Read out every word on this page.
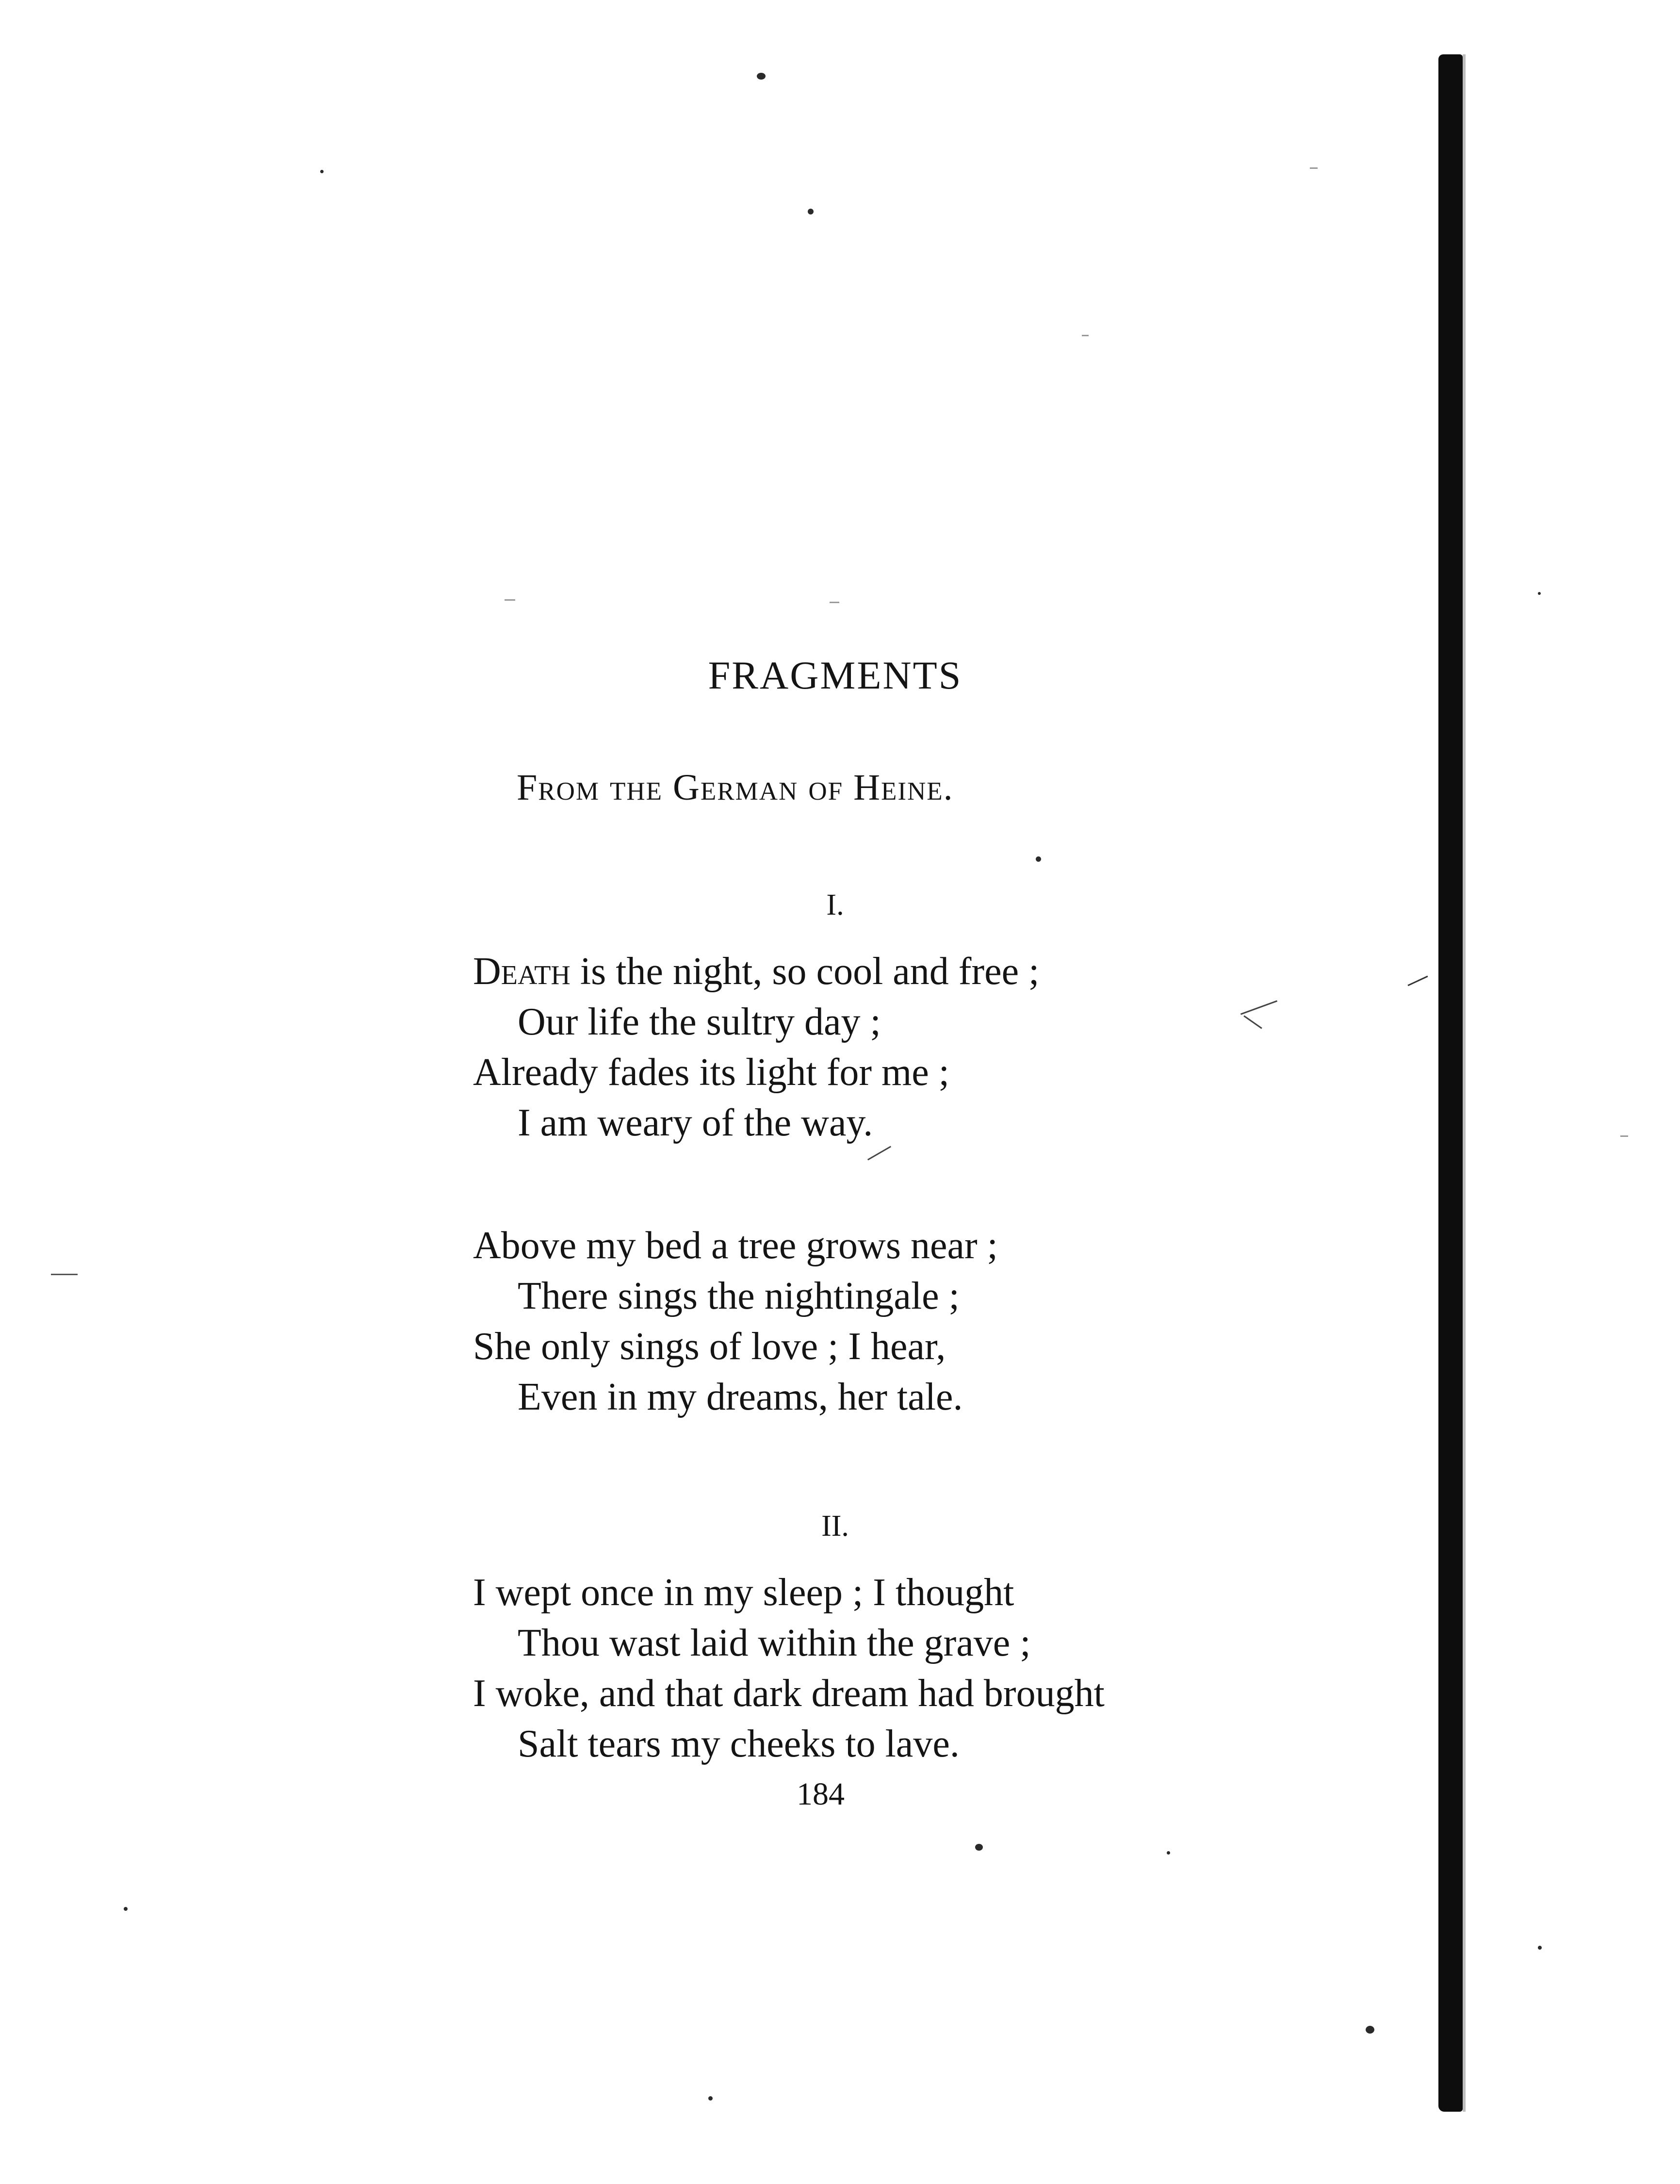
FRAGMENTS
From the German of Heine.
I.
Death is the night, so cool and free ;
Our life the sultry day ;
Already fades its light for me ;
I am weary of the way.
Above my bed a tree grows near ;
There sings the nightingale ;
She only sings of love ; I hear,
Even in my dreams, her tale.
II.
I wept once in my sleep ; I thought
Thou wast laid within the grave ;
I woke, and that dark dream had brought
Salt tears my cheeks to lave.
184
